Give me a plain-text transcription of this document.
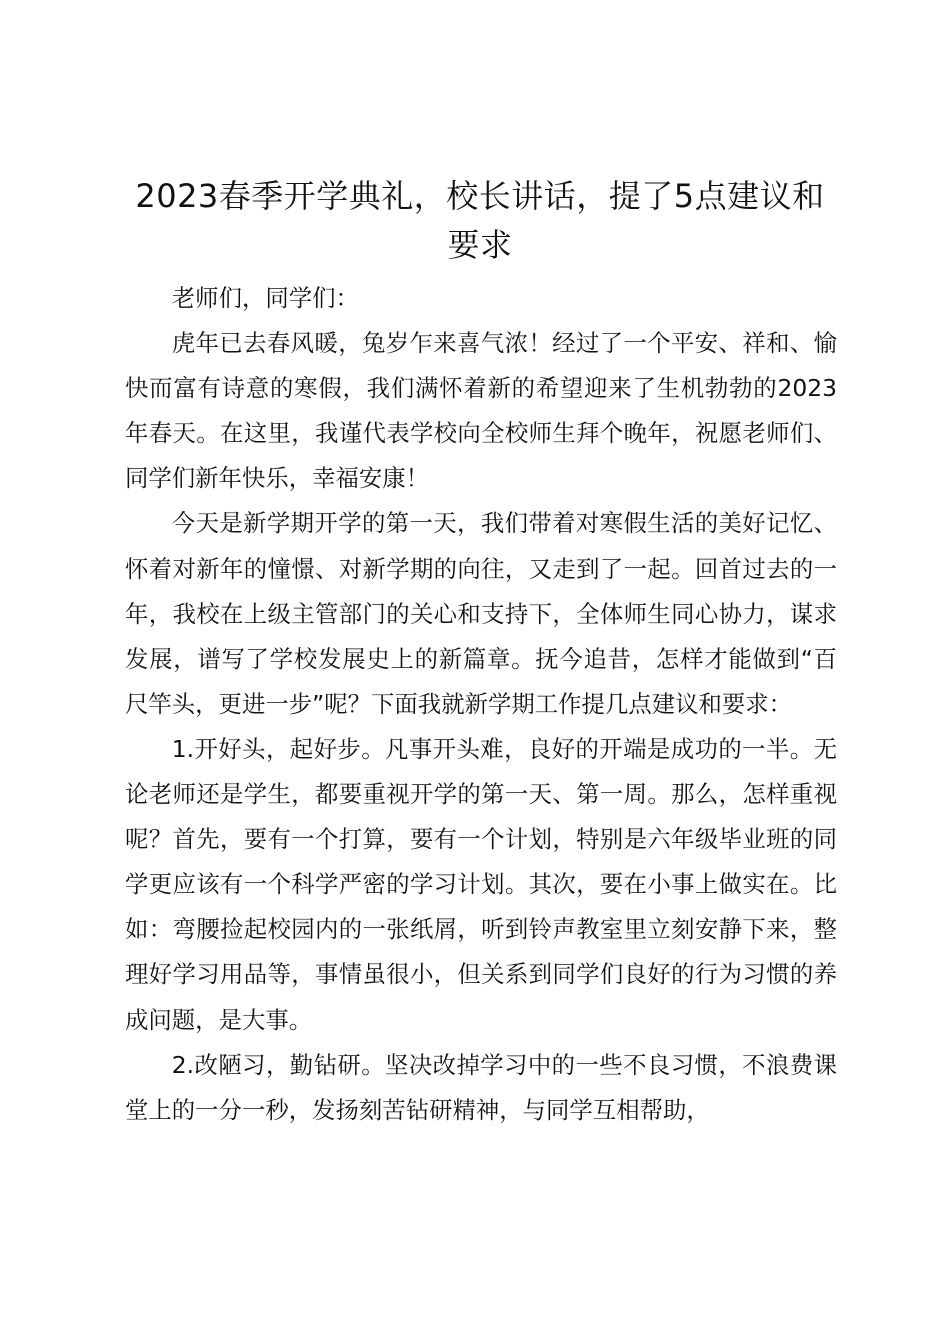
2023春季开学典礼，校长讲话，提了5点建议和要求

老师们，同学们：

虎年已去春风暖，兔岁乍来喜气浓！经过了一个平安、祥和、愉快而富有诗意的寒假，我们满怀着新的希望迎来了生机勃勃的2023年春天。在这里，我谨代表学校向全校师生拜个晚年，祝愿老师们、同学们新年快乐，幸福安康！

今天是新学期开学的第一天，我们带着对寒假生活的美好记忆、怀着对新年的憧憬、对新学期的向往，又走到了一起。回首过去的一年，我校在上级主管部门的关心和支持下，全体师生同心协力，谋求发展，谱写了学校发展史上的新篇章。抚今追昔，怎样才能做到“百尺竿头，更进一步”呢？下面我就新学期工作提几点建议和要求：

1.开好头，起好步。凡事开头难，良好的开端是成功的一半。无论老师还是学生，都要重视开学的第一天、第一周。那么，怎样重视呢？首先，要有一个打算，要有一个计划，特别是六年级毕业班的同学更应该有一个科学严密的学习计划。其次，要在小事上做实在。比如：弯腰捡起校园内的一张纸屑，听到铃声教室里立刻安静下来，整理好学习用品等，事情虽很小，但关系到同学们良好的行为习惯的养成问题，是大事。

2.改陋习，勤钻研。坚决改掉学习中的一些不良习惯，不浪费课堂上的一分一秒，发扬刻苦钻研精神，与同学互相帮助，
